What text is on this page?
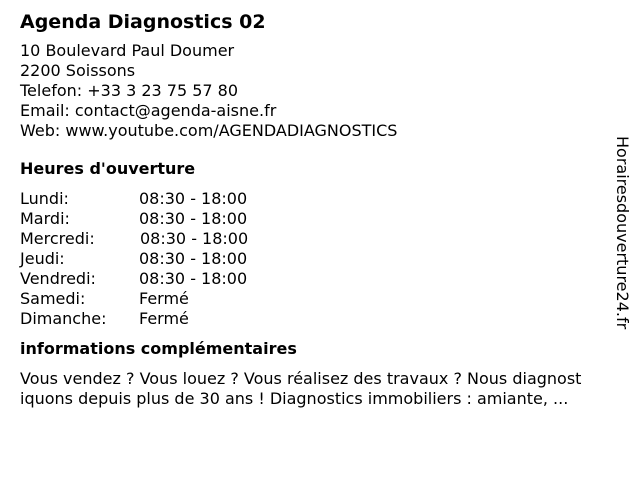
Agenda Diagnostics 02
10 Boulevard Paul Doumer
2200 Soissons
Telefon: +33 3 23 75 57 80
Email: contact@agenda-aisne.fr
Web: www.youtube.com/AGENDADIAGNOSTICS
Heures d'ouverture
Lundi:	08:30 - 18:00
Mardi:	08:30 - 18:00
Mercredi:	08:30 - 18:00
Jeudi:	08:30 - 18:00
Vendredi:	08:30 - 18:00
Samedi:	Fermé
Dimanche: Fermé
informations complémentaires
Vous vendez ? Vous louez ? Vous réalisez des travaux ? Nous diagnost
iquons depuis plus de 30 ans ! Diagnostics immobiliers : amiante, ...
Horairesdouverture24.fr
